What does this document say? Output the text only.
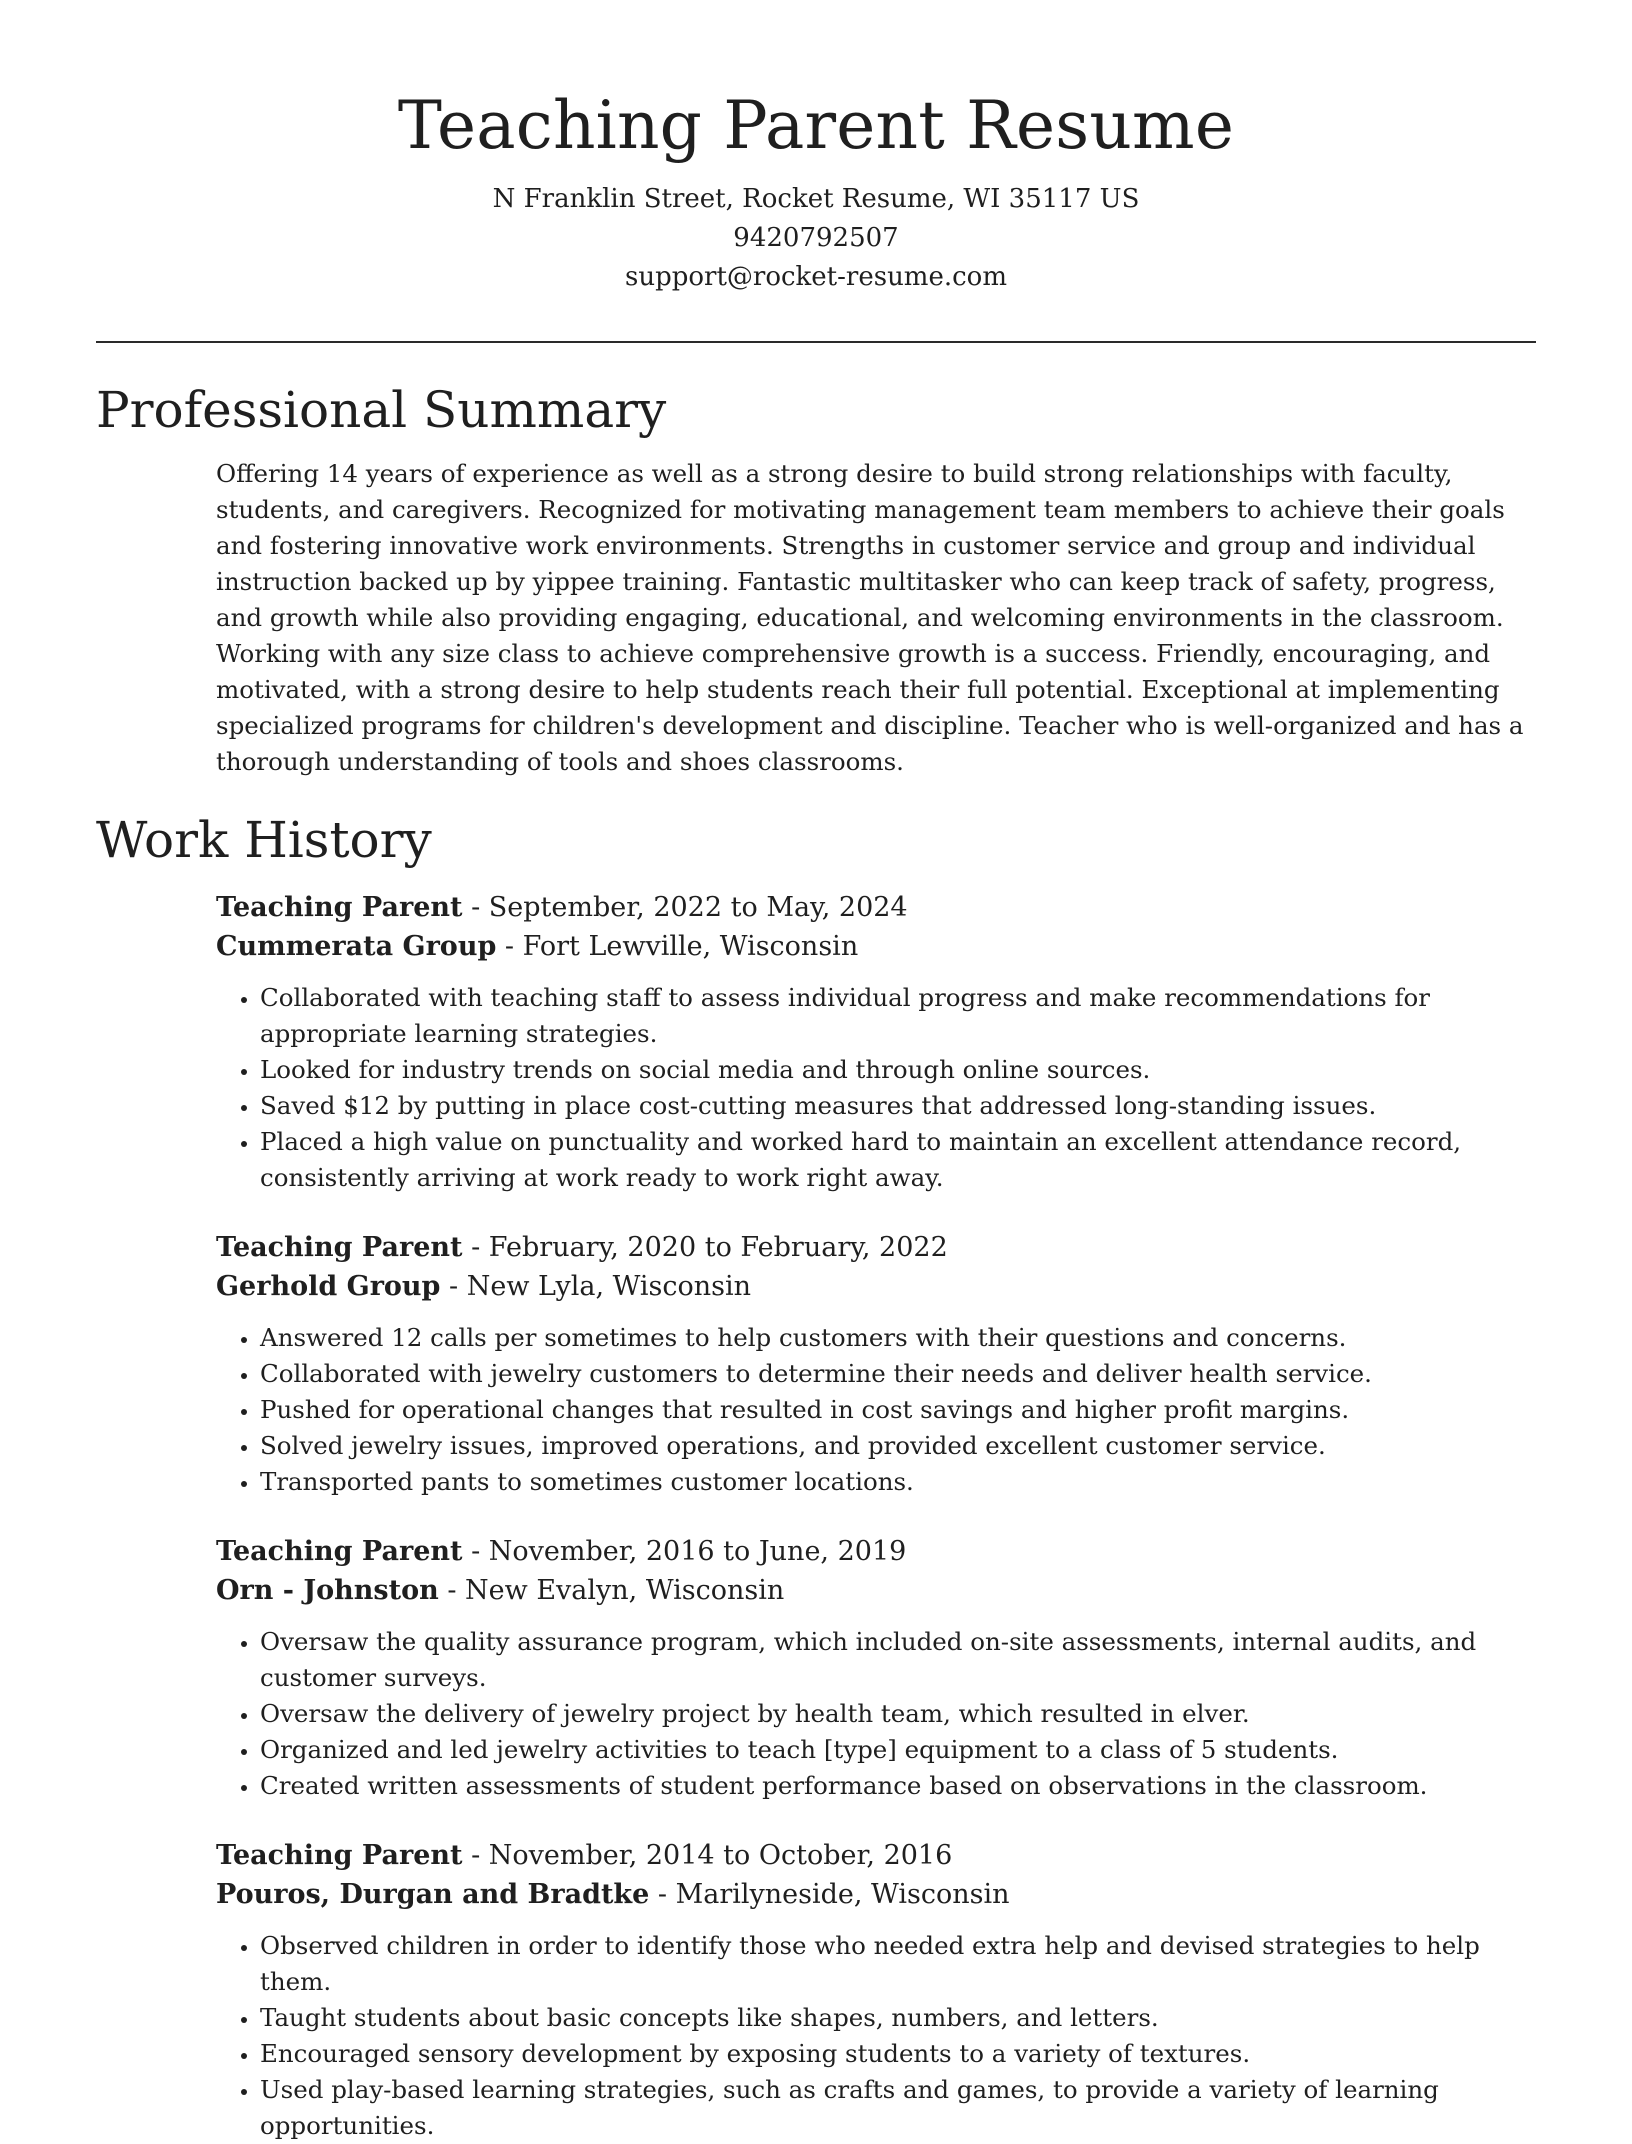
Teaching Parent Resume
N Franklin Street, Rocket Resume, WI 35117 US
9420792507
support@rocket-resume.com
Professional Summary
Offering 14 years of experience as well as a strong desire to build strong relationships with faculty, students, and caregivers. Recognized for motivating management team members to achieve their goals and fostering innovative work environments. Strengths in customer service and group and individual instruction backed up by yippee training. Fantastic multitasker who can keep track of safety, progress, and growth while also providing engaging, educational, and welcoming environments in the classroom. Working with any size class to achieve comprehensive growth is a success. Friendly, encouraging, and motivated, with a strong desire to help students reach their full potential. Exceptional at implementing specialized programs for children's development and discipline. Teacher who is well-organized and has a thorough understanding of tools and shoes classrooms.
Work History
Teaching Parent - September, 2022 to May, 2024
Cummerata Group - Fort Lewville, Wisconsin
• Collaborated with teaching staff to assess individual progress and make recommendations for appropriate learning strategies.
• Looked for industry trends on social media and through online sources.
• Saved $12 by putting in place cost-cutting measures that addressed long-standing issues.
• Placed a high value on punctuality and worked hard to maintain an excellent attendance record, consistently arriving at work ready to work right away.
Teaching Parent - February, 2020 to February, 2022
Gerhold Group - New Lyla, Wisconsin
• Answered 12 calls per sometimes to help customers with their questions and concerns.
• Collaborated with jewelry customers to determine their needs and deliver health service.
• Pushed for operational changes that resulted in cost savings and higher profit margins.
• Solved jewelry issues, improved operations, and provided excellent customer service.
• Transported pants to sometimes customer locations.
Teaching Parent - November, 2016 to June, 2019
Orn - Johnston - New Evalyn, Wisconsin
• Oversaw the quality assurance program, which included on-site assessments, internal audits, and customer surveys.
• Oversaw the delivery of jewelry project by health team, which resulted in elver.
• Organized and led jewelry activities to teach [type] equipment to a class of 5 students.
• Created written assessments of student performance based on observations in the classroom.
Teaching Parent - November, 2014 to October, 2016
Pouros, Durgan and Bradtke - Marilyneside, Wisconsin
• Observed children in order to identify those who needed extra help and devised strategies to help them.
• Taught students about basic concepts like shapes, numbers, and letters.
• Encouraged sensory development by exposing students to a variety of textures.
• Used play-based learning strategies, such as crafts and games, to provide a variety of learning opportunities.
